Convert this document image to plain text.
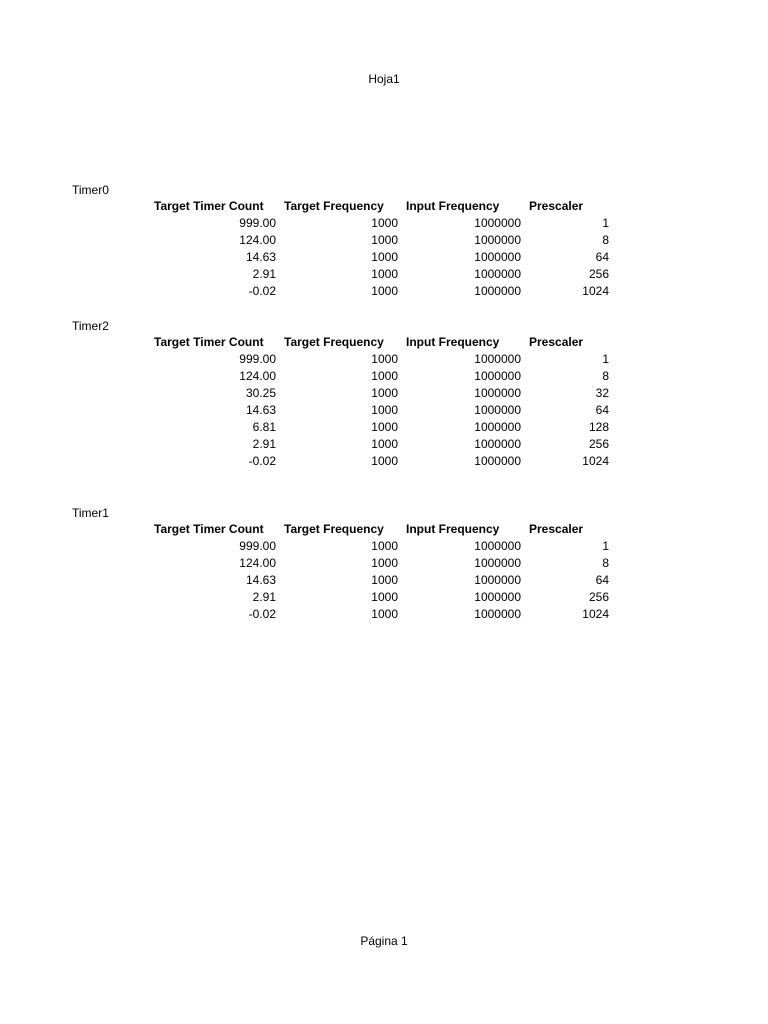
Hoja1
Timer0
Target Timer Count	Target Frequency	Input Frequency	Prescaler
999.00	1000	1000000	1
124.00	1000	1000000	8
14.63	1000	1000000	64
2.91	1000	1000000	256
-0.02	1000	1000000	1024
Timer2
Target Timer Count	Target Frequency	Input Frequency	Prescaler
999.00	1000	1000000	1
124.00	1000	1000000	8
30.25	1000	1000000	32
14.63	1000	1000000	64
6.81	1000	1000000	128
2.91	1000	1000000	256
-0.02	1000	1000000	1024
Timer1
Target Timer Count	Target Frequency	Input Frequency	Prescaler
999.00	1000	1000000	1
124.00	1000	1000000	8
14.63	1000	1000000	64
2.91	1000	1000000	256
-0.02	1000	1000000	1024
Página 1
